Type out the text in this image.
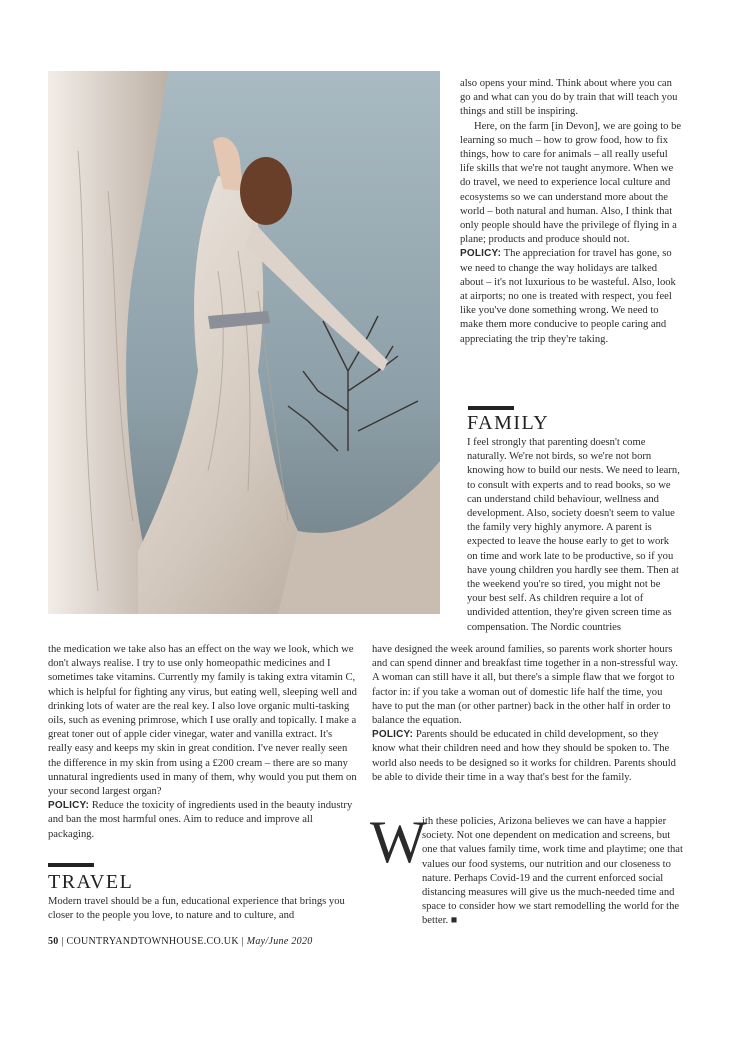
also opens your mind. Think about where you can go and what can you do by train that will teach you things and still be inspiring.

Here, on the farm [in Devon], we are going to be learning so much – how to grow food, how to fix things, how to care for animals – all really useful life skills that we're not taught anymore. When we do travel, we need to experience local culture and ecosystems so we can understand more about the world – both natural and human. Also, I think that only people should have the privilege of flying in a plane; products and produce should not.

POLICY: The appreciation for travel has gone, so we need to change the way holidays are talked about – it's not luxurious to be wasteful. Also, look at airports; no one is treated with respect, you feel like you've done something wrong. We need to make them more conducive to people caring and appreciating the trip they're taking.

FAMILY

I feel strongly that parenting doesn't come naturally. We're not birds, so we're not born knowing how to build our nests. We need to learn, to consult with experts and to read books, so we can understand child behaviour, wellness and development. Also, society doesn't seem to value the family very highly anymore. A parent is expected to leave the house early to get to work on time and work late to be productive, so if you have young children you hardly see them. Then at the weekend you're so tired, you might not be your best self. As children require a lot of undivided attention, they're given screen time as compensation. The Nordic countries

have designed the week around families, so parents work shorter hours and can spend dinner and breakfast time together in a non-stressful way. A woman can still have it all, but there's a simple flaw that we forgot to factor in: if you take a woman out of domestic life half the time, you have to put the man (or other partner) back in the other half in order to balance the equation.

POLICY: Parents should be educated in child development, so they know what their children need and how they should be spoken to. The world also needs to be designed so it works for children. Parents should be able to divide their time in a way that's best for the family.

W

ith these policies, Arizona believes we can have a happier society. Not one dependent on medication and screens, but one that values family time, work time and playtime; one that values our food systems, our nutrition and our closeness to nature. Perhaps Covid-19 and the current enforced social distancing measures will give us the much-needed time and space to consider how we start remodelling the world for the better. ■

the medication we take also has an effect on the way we look, which we don't always realise. I try to use only homeopathic medicines and I sometimes take vitamins. Currently my family is taking extra vitamin C, which is helpful for fighting any virus, but eating well, sleeping well and drinking lots of water are the real key. I also love organic multi-tasking oils, such as evening primrose, which I use orally and topically. I make a great toner out of apple cider vinegar, water and vanilla extract. It's really easy and keeps my skin in great condition. I've never really seen the difference in my skin from using a £200 cream – there are so many unnatural ingredients used in many of them, why would you put them on your second largest organ?

POLICY: Reduce the toxicity of ingredients used in the beauty industry and ban the most harmful ones. Aim to reduce and improve all packaging.

TRAVEL

Modern travel should be a fun, educational experience that brings you closer to the people you love, to nature and to culture, and

50 | COUNTRYANDTOWNHOUSE.CO.UK | May/June 2020
